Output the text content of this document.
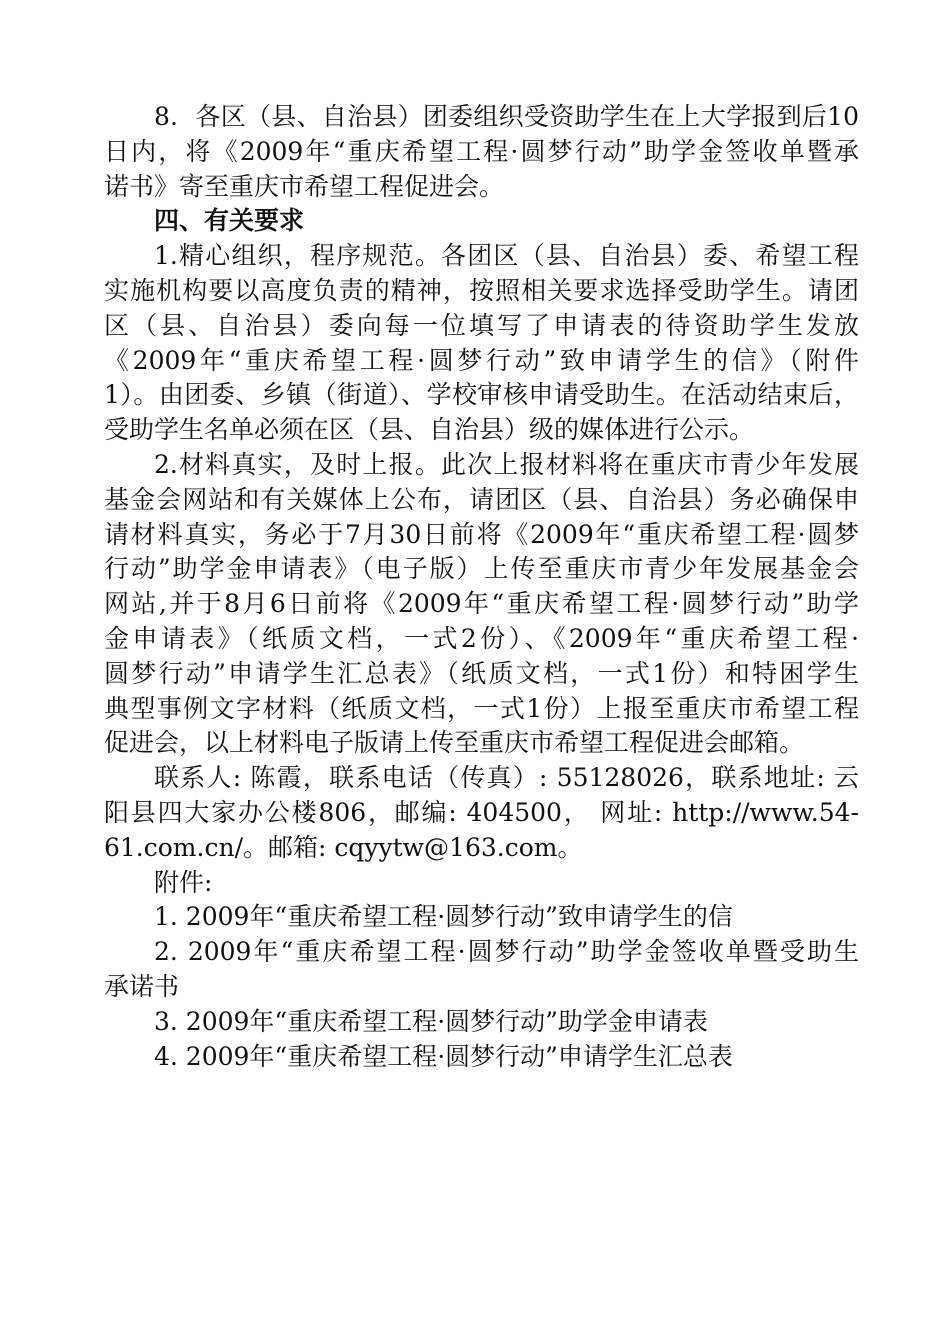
8．各区（县、自治县）团委组织受资助学生在上大学报到后10
日内，将《2009年“重庆希望工程·圆梦行动”助学金签收单暨承
诺书》寄至重庆市希望工程促进会。
四、有关要求
1.精心组织，程序规范。各团区（县、自治县）委、希望工程
实施机构要以高度负责的精神，按照相关要求选择受助学生。请团
区（县、自治县）委向每一位填写了申请表的待资助学生发放
《2009年“重庆希望工程·圆梦行动”致申请学生的信》（附件
1）。由团委、乡镇（街道）、学校审核申请受助生。在活动结束后，
受助学生名单必须在区（县、自治县）级的媒体进行公示。
2.材料真实，及时上报。此次上报材料将在重庆市青少年发展
基金会网站和有关媒体上公布，请团区（县、自治县）务必确保申
请材料真实，务必于7月30日前将《2009年“重庆希望工程·圆梦
行动”助学金申请表》（电子版）上传至重庆市青少年发展基金会
网站,并于8月6日前将《2009年“重庆希望工程·圆梦行动”助学
金申请表》（纸质文档，一式2份）、《2009年“重庆希望工程·
圆梦行动”申请学生汇总表》（纸质文档，一式1份）和特困学生
典型事例文字材料（纸质文档，一式1份）上报至重庆市希望工程
促进会，以上材料电子版请上传至重庆市希望工程促进会邮箱。
联系人: 陈霞，联系电话（传真）: 55128026，联系地址: 云
阳县四大家办公楼806，邮编: 404500， 网址: http://www.54-
61.com.cn/。邮箱: cqyytw@163.com。
附件:
1. 2009年“重庆希望工程·圆梦行动”致申请学生的信
2. 2009年“重庆希望工程·圆梦行动”助学金签收单暨受助生
承诺书
3. 2009年“重庆希望工程·圆梦行动”助学金申请表
4. 2009年“重庆希望工程·圆梦行动”申请学生汇总表
